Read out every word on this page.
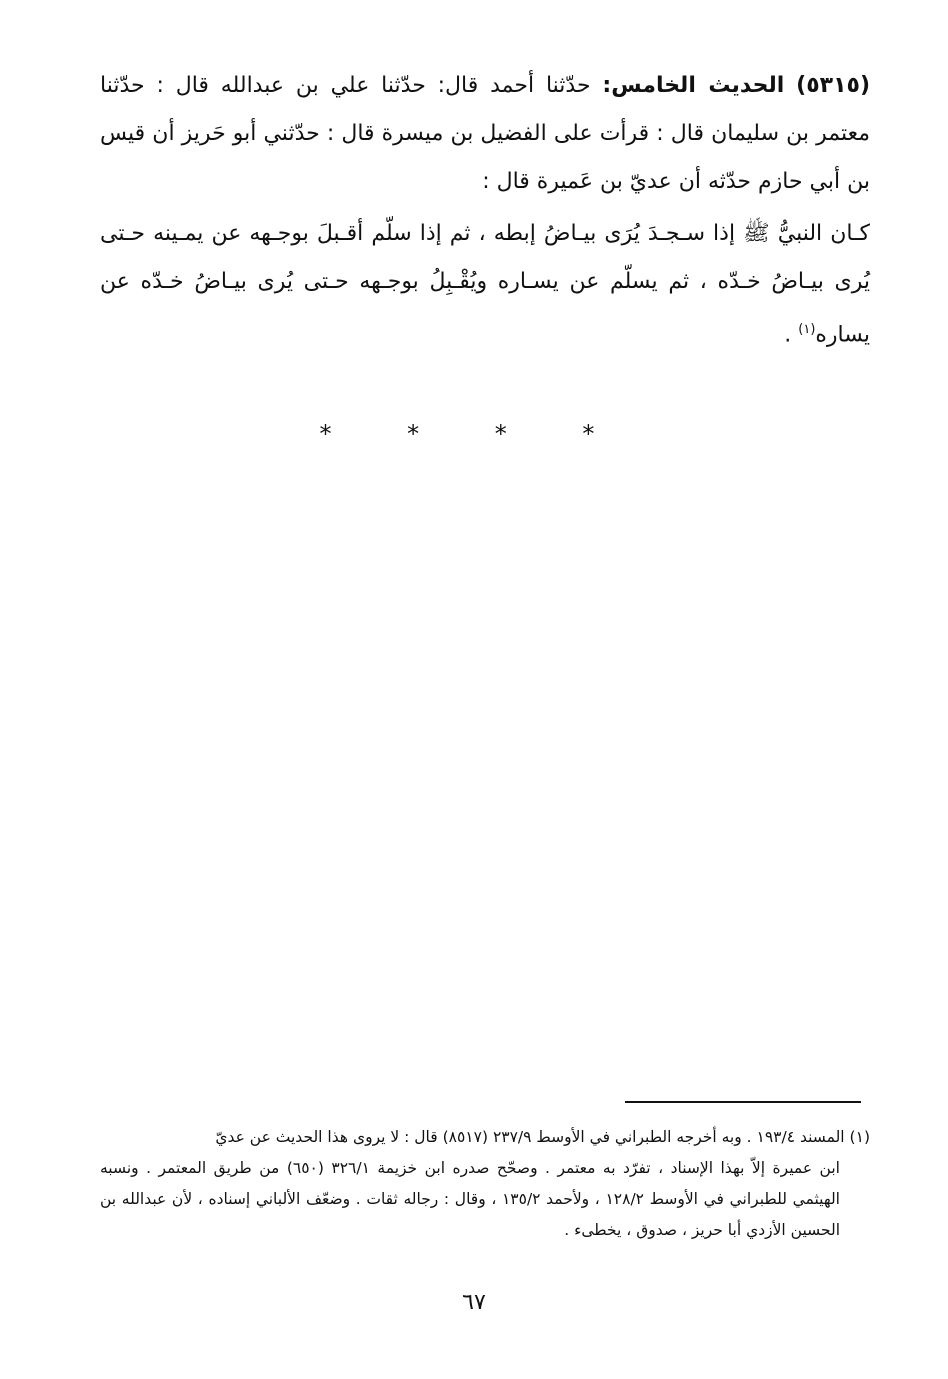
(٥٣١٥) الحديث الخامس: حدّثنا أحمد قال: حدّثنا علي بن عبدالله قال : حدّثنا معتمر بن سليمان قال : قرأت على الفضيل بن ميسرة قال : حدّثني أبو حَريز أن قيس بن أبي حازم حدّثه أن عديّ بن عَميرة قال :

كـان النبيُّ ﷺ إذا سـجـدَ يُرَى بيـاضُ إبطه ، ثم إذا سلّم أقـبلَ بوجـهه عن يمـينه حـتى يُرى بيـاضُ خـدّه ، ثم يسلّم عن يسـاره ويُقْـبِلُ بوجـهه حـتى يُرى بيـاضُ خـدّه عن يساره$^{(١)}$ .

* * * *

(١) المسند ١٩٣/٤ . وبه أخرجه الطبراني في الأوسط ٢٣٧/٩ (٨٥١٧) قال : لا يروى هذا الحديث عن عديّ
ابن عميرة إلاّ بهذا الإسناد ، تفرّد به معتمر . وصحّح صدره ابن خزيمة ٣٢٦/١ (٦٥٠) من طريق المعتمر . ونسبه الهيثمي للطبراني في الأوسط ١٢٨/٢ ، ولأحمد ١٣٥/٢ ، وقال : رجاله ثقات . وضعّف الألباني إسناده ، لأن عبدالله بن الحسين الأزدي أبا حريز ، صدوق ، يخطىء .

٦٧
